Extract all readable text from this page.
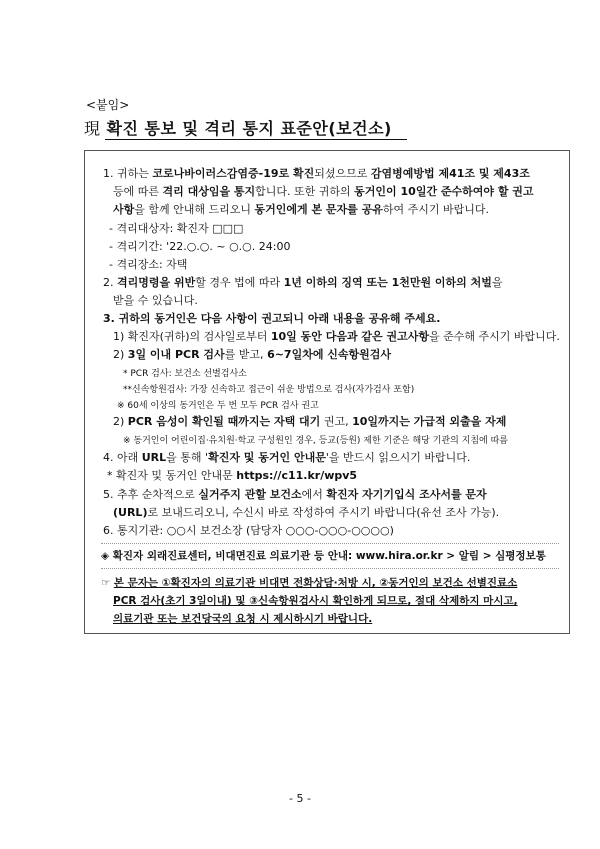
<붙임>
現 확진 통보 및 격리 통지 표준안(보건소)
1. 귀하는 코로나바이러스감염증-19로 확진되셨으므로 감염병예방법 제41조 및 제43조
등에 따른 격리 대상임을 통지합니다. 또한 귀하의 동거인이 10일간 준수하여야 할 권고
사항을 함께 안내해 드리오니 동거인에게 본 문자를 공유하여 주시기 바랍니다.
- 격리대상자: 확진자 □□□
- 격리기간: '22.○.○. ~ ○.○. 24:00
- 격리장소: 자택
2. 격리명령을 위반할 경우 법에 따라 1년 이하의 징역 또는 1천만원 이하의 처벌을
받을 수 있습니다.
3. 귀하의 동거인은 다음 사항이 권고되니 아래 내용을 공유해 주세요.
1) 확진자(귀하)의 검사일로부터 10일 동안 다음과 같은 권고사항을 준수해 주시기 바랍니다.
2) 3일 이내 PCR 검사를 받고, 6~7일차에 신속항원검사
* PCR 검사: 보건소 선별검사소
**신속항원검사: 가장 신속하고 접근이 쉬운 방법으로 검사(자가검사 포함)
※ 60세 이상의 동거인은 두 번 모두 PCR 검사 권고
2) PCR 음성이 확인될 때까지는 자택 대기 권고, 10일까지는 가급적 외출을 자제
※ 동거인이 어린이집·유치원·학교 구성원인 경우, 등교(등원) 제한 기준은 해당 기관의 지침에 따름
4. 아래 URL을 통해 '확진자 및 동거인 안내문'을 반드시 읽으시기 바랍니다.
* 확진자 및 동거인 안내문 https://c11.kr/wpv5
5. 추후 순차적으로 실거주지 관할 보건소에서 확진자 자기기입식 조사서를 문자
(URL)로 보내드리오니, 수신시 바로 작성하여 주시기 바랍니다(유선 조사 가능).
6. 통지기관: ○○시 보건소장 (담당자 ○○○-○○○-○○○○)
◈ 확진자 외래진료센터, 비대면진료 의료기관 등 안내: www.hira.or.kr > 알림 > 심평정보통
☞ 본 문자는 ①확진자의 의료기관 비대면 전화상담·처방 시, ②동거인의 보건소 선별진료소
PCR 검사(초기 3일이내) 및 ③신속항원검사시 확인하게 되므로, 절대 삭제하지 마시고,
의료기관 또는 보건당국의 요청 시 제시하시기 바랍니다.
- 5 -
